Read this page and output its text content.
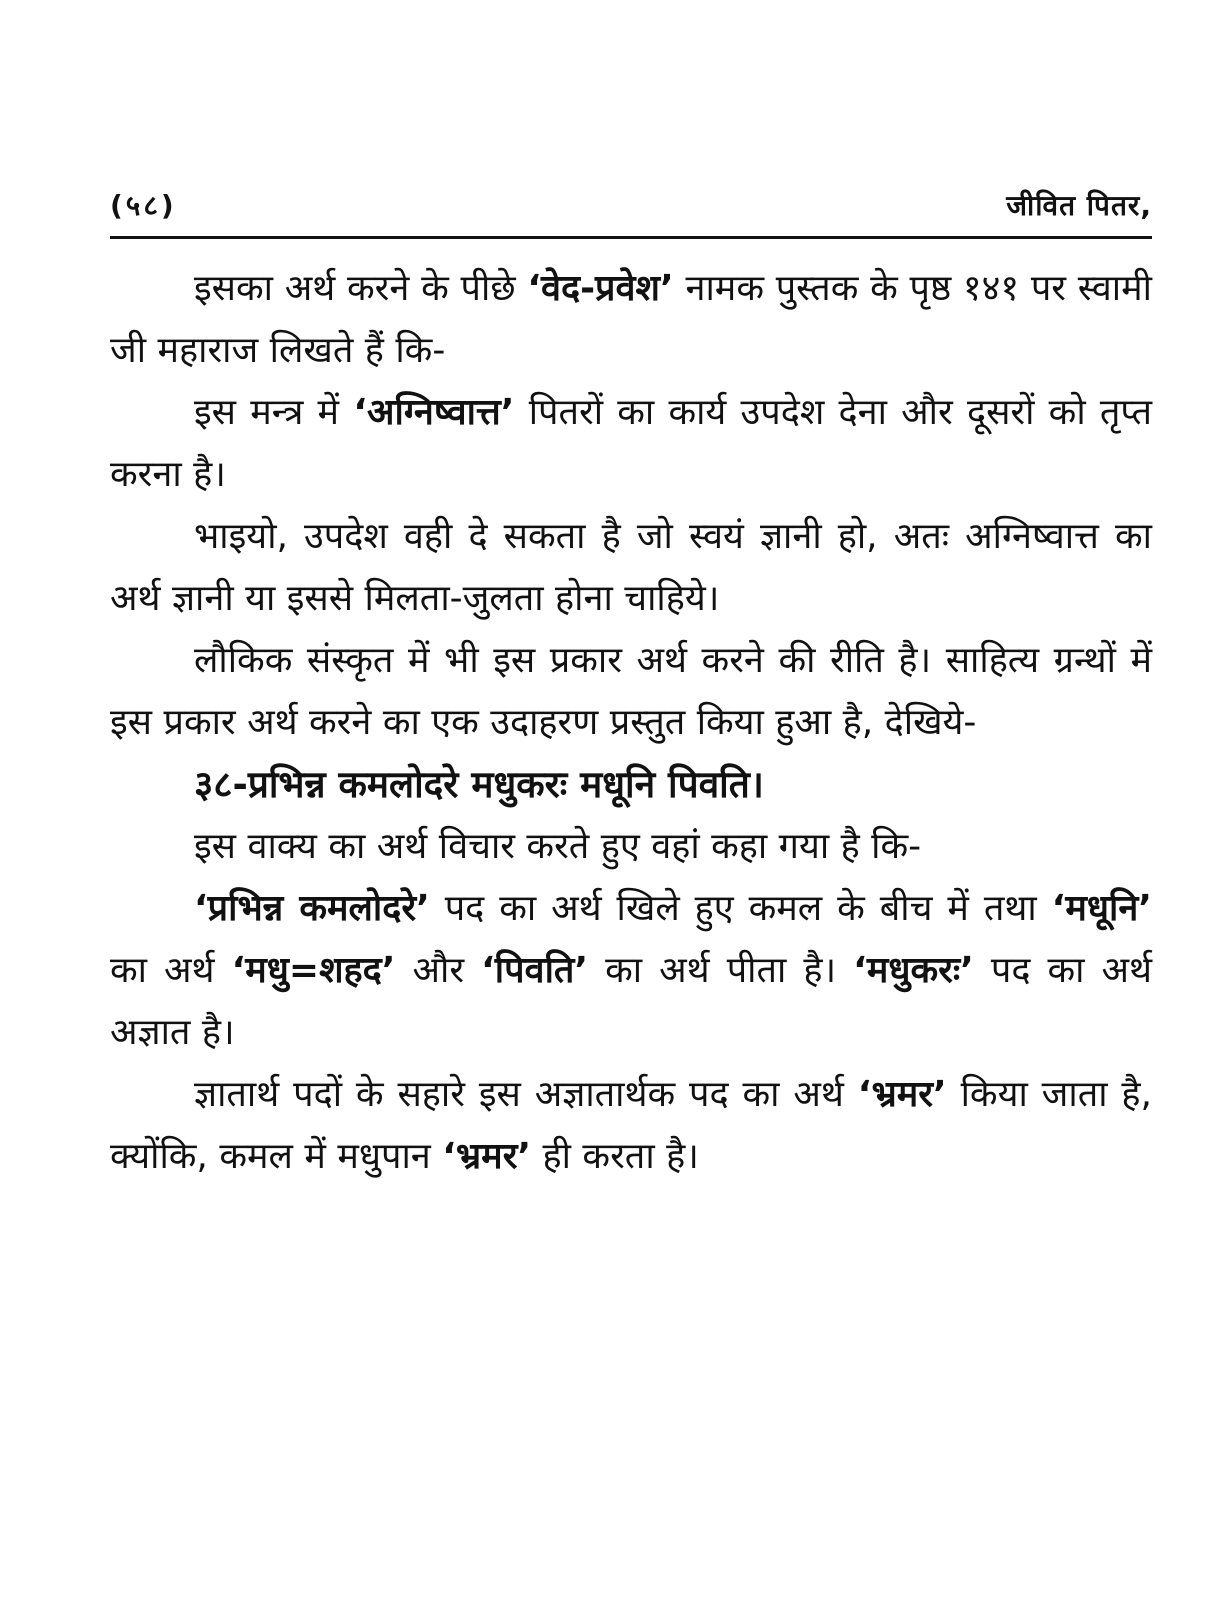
(५८)	जीवित पितर,

इसका अर्थ करने के पीछे ‘वेद-प्रवेश’ नामक पुस्तक के पृष्ठ १४१ पर स्वामी जी महाराज लिखते हैं कि-

इस मन्त्र में ‘अग्निष्वात्त’ पितरों का कार्य उपदेश देना और दूसरों को तृप्त करना है।

भाइयो, उपदेश वही दे सकता है जो स्वयं ज्ञानी हो, अतः अग्निष्वात्त का अर्थ ज्ञानी या इससे मिलता-जुलता होना चाहिये।

लौकिक संस्कृत में भी इस प्रकार अर्थ करने की रीति है। साहित्य ग्रन्थों में इस प्रकार अर्थ करने का एक उदाहरण प्रस्तुत किया हुआ है, देखिये-

३८-प्रभिन्न कमलोदरे मधुकरः मधूनि पिवति।

इस वाक्य का अर्थ विचार करते हुए वहां कहा गया है कि-

‘प्रभिन्न कमलोदरे’ पद का अर्थ खिले हुए कमल के बीच में तथा ‘मधूनि’ का अर्थ ‘मधु=शहद’ और ‘पिवति’ का अर्थ पीता है। ‘मधुकरः’ पद का अर्थ अज्ञात है।

ज्ञातार्थ पदों के सहारे इस अज्ञातार्थक पद का अर्थ ‘भ्रमर’ किया जाता है, क्योंकि, कमल में मधुपान ‘भ्रमर’ ही करता है।
